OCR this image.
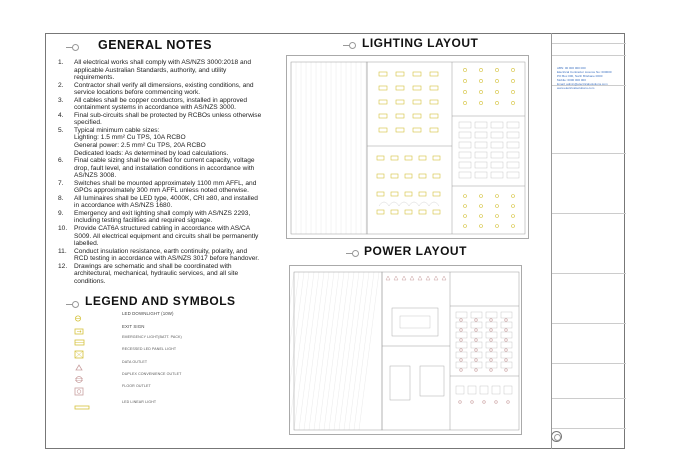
ABN: 00 000 000 000
Electrical Contractor Licence No: 000000
PO Box 000, North Brisbane 0000
Mobile: 0000 000 000
Email: admin@electricalsolutions.com
www.electricalsolutions.com
GENERAL NOTES
1. All electrical works shall comply with AS/NZS 3000:2018 and
applicable Australian Standards, authority, and utility
requirements.
2. Contractor shall verify all dimensions, existing conditions, and
service locations before commencing work.
3. All cables shall be copper conductors, installed in approved
containment systems in accordance with AS/NZS 3000.
4. Final sub-circuits shall be protected by RCBOs unless otherwise
specified.
5. Typical minimum cable sizes:
Lighting: 1.5 mm² Cu TPS, 10A RCBO
General power: 2.5 mm² Cu TPS, 20A RCBO
Dedicated loads: As determined by load calculations.
6. Final cable sizing shall be verified for current capacity, voltage
drop, fault level, and installation conditions in accordance with
AS/NZS 3008.
7. Switches shall be mounted approximately 1100 mm AFFL, and
GPOs approximately 300 mm AFFL unless noted otherwise.
8. All luminaires shall be LED type, 4000K, CRI ≥80, and installed
in accordance with AS/NZS 1680.
9. Emergency and exit lighting shall comply with AS/NZS 2293,
including testing facilities and required signage.
10. Provide CAT6A structured cabling in accordance with AS/CA
S009. All electrical equipment and circuits shall be permanently
labelled.
11. Conduct insulation resistance, earth continuity, polarity, and
RCD testing in accordance with AS/NZS 3017 before handover.
12. Drawings are schematic and shall be coordinated with
architectural, mechanical, hydraulic services, and all site
conditions.
LEGEND AND SYMBOLS
LED DOWNLIGHT (10W)
EXIT SIGN
EMERGENCY LIGHT(BATT. PACK)
RECESSED LED PANEL LIGHT
DATA OUTLET
DUPLEX CONVENIENCE OUTLET
FLOOR OUTLET
LED LINEAR LIGHT
LIGHTING LAYOUT
POWER LAYOUT
